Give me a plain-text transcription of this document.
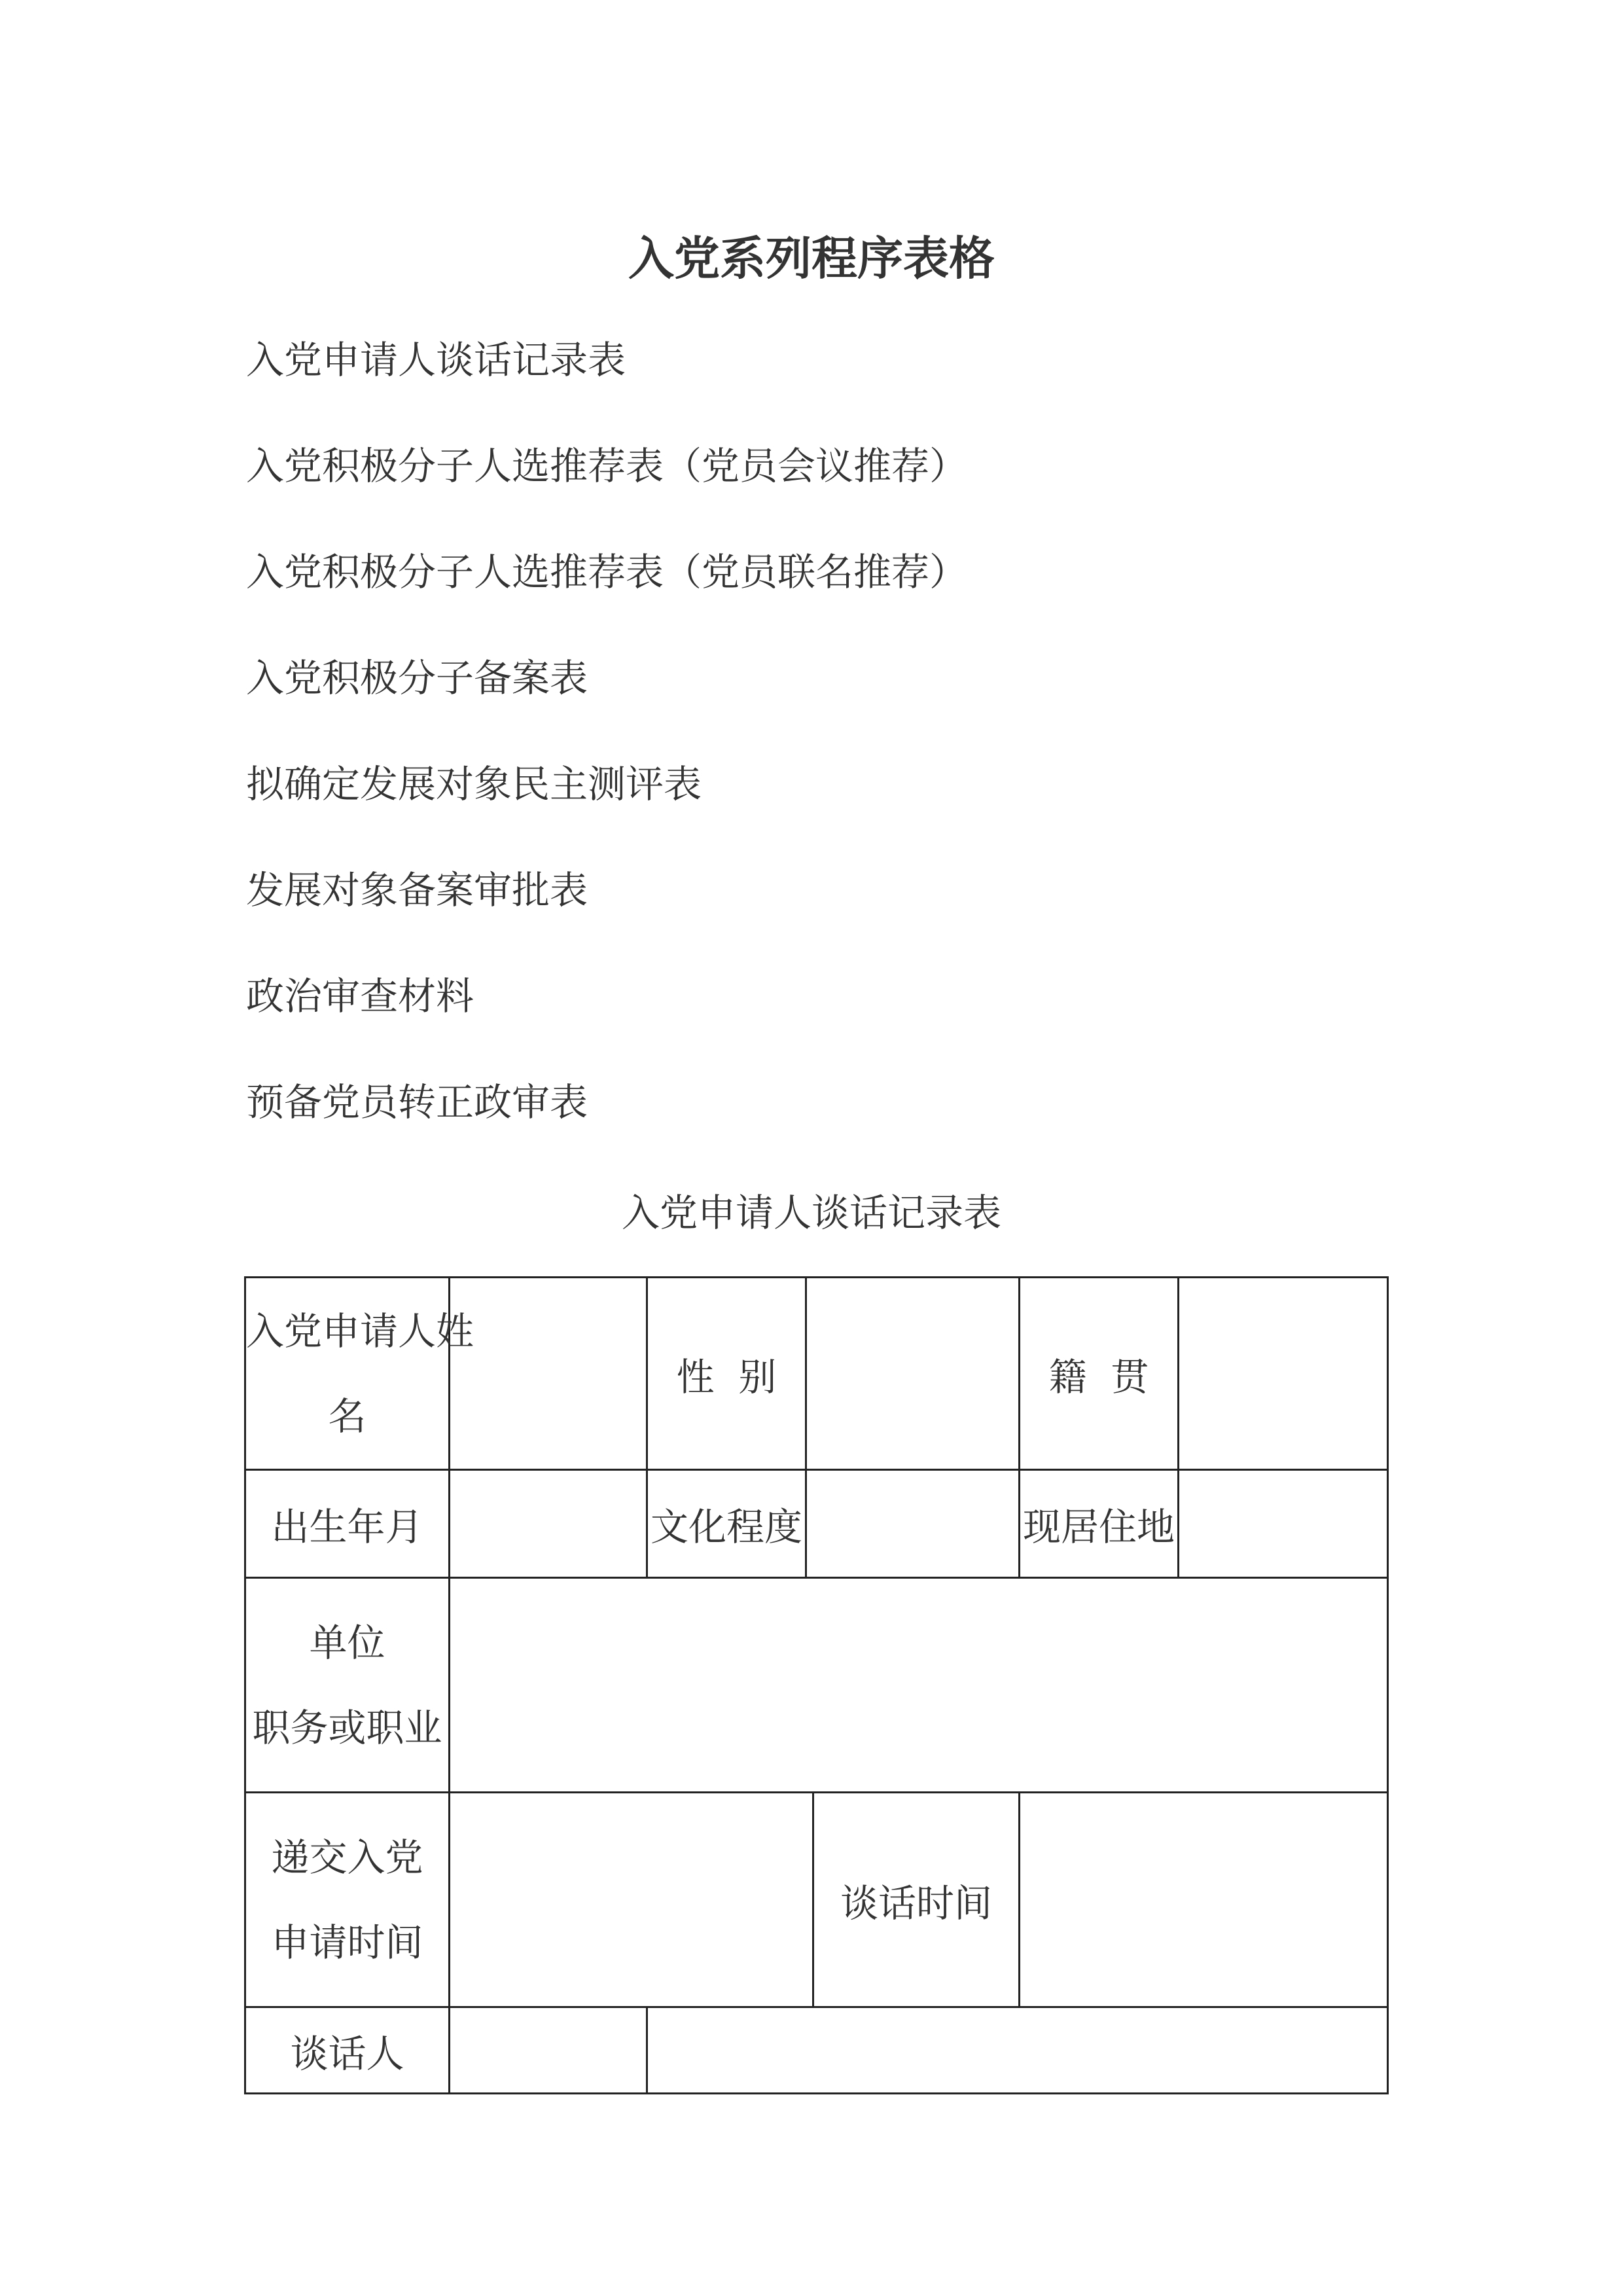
入党系列程序表格
入党申请人谈话记录表
入党积极分子人选推荐表（党员会议推荐）
入党积极分子人选推荐表（党员联名推荐）
入党积极分子备案表
拟确定发展对象民主测评表
发展对象备案审批表
政治审查材料
预备党员转正政审表
入党申请人谈话记录表
入党申请人姓
名		性  别			籍  贯	
出生年月		文化程度			现居住地	
单位
职务或职业						
递交入党
申请时间				谈话时间		
谈话人						
